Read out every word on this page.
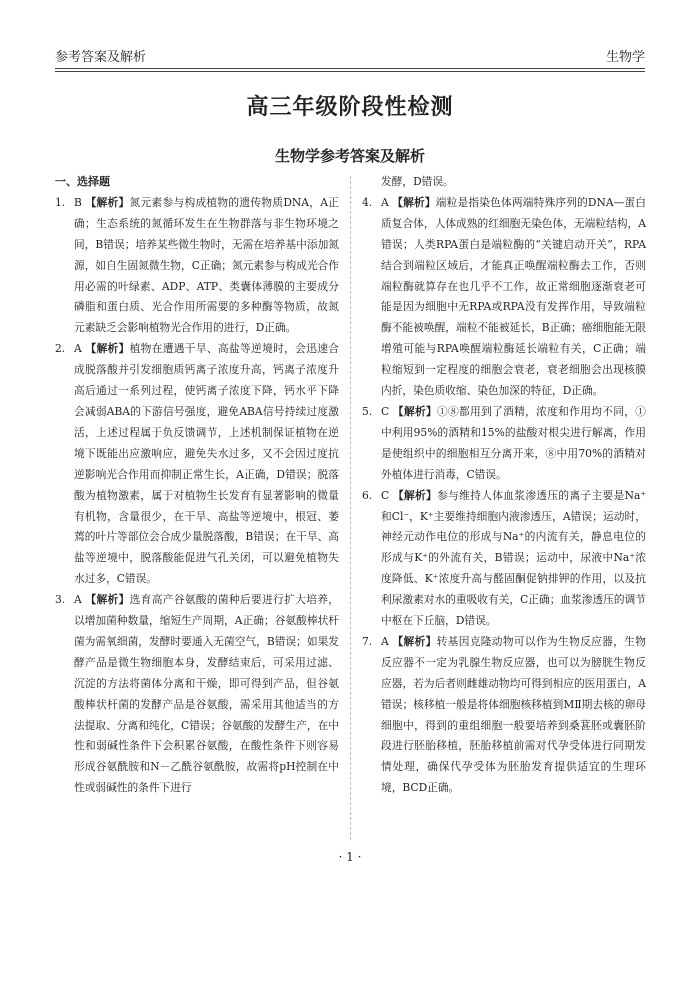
参考答案及解析	生物学
高三年级阶段性检测
生物学参考答案及解析
一、选择题

1. B 【解析】氮元素参与构成植物的遗传物质DNA，A正确；生态系统的氮循环发生在生物群落与非生物环境之间，B错误；培养某些微生物时，无需在培养基中添加氮源，如自生固氮微生物，C正确；氮元素参与构成光合作用必需的叶绿素、ADP、ATP、类囊体薄膜的主要成分磷脂和蛋白质、光合作用所需要的多种酶等物质，故氮元素缺乏会影响植物光合作用的进行，D正确。

2. A 【解析】植物在遭遇干旱、高盐等逆境时，会迅速合成脱落酸并引发细胞质钙离子浓度升高，钙离子浓度升高后通过一系列过程，使钙离子浓度下降，钙水平下降会减弱ABA的下游信号强度，避免ABA信号持续过度激活，上述过程属于负反馈调节，上述机制保证植物在逆境下既能出应激响应，避免失水过多，又不会因过度抗逆影响光合作用而抑制正常生长，A正确，D错误；脱落酸为植物激素，属于对植物生长发育有显著影响的微量有机物，含量很少，在干旱、高盐等逆境中，根冠、萎蔫的叶片等部位会合成少量脱落酸，B错误；在干旱、高盐等逆境中，脱落酸能促进气孔关闭，可以避免植物失水过多，C错误。

3. A 【解析】选育高产谷氨酸的菌种后要进行扩大培养，以增加菌种数量，缩短生产周期，A正确；谷氨酸棒状杆菌为需氧细菌，发酵时要通入无菌空气，B错误；如果发酵产品是微生物细胞本身，发酵结束后，可采用过滤、沉淀的方法将菌体分离和干燥，即可得到产品，但谷氨酸棒状杆菌的发酵产品是谷氨酸，需采用其他适当的方法提取、分离和纯化，C错误；谷氨酸的发酵生产，在中性和弱碱性条件下会积累谷氨酸，在酸性条件下则容易形成谷氨酰胺和N－乙酰谷氨酰胺，故需将pH控制在中性或弱碱性的条件下进行

发酵，D错误。

4. A 【解析】端粒是指染色体两端特殊序列的DNA—蛋白质复合体，人体成熟的红细胞无染色体，无端粒结构，A错误；人类RPA蛋白是端粒酶的“关键启动开关”，RPA结合到端粒区域后，才能真正唤醒端粒酶去工作，否则端粒酶就算存在也几乎不工作，故正常细胞逐渐衰老可能是因为细胞中无RPA或RPA没有发挥作用，导致端粒酶不能被唤醒，端粒不能被延长，B正确；癌细胞能无限增殖可能与RPA唤醒端粒酶延长端粒有关，C正确；端粒缩短到一定程度的细胞会衰老，衰老细胞会出现核膜内折，染色质收缩、染色加深的特征，D正确。

5. C 【解析】①⑧都用到了酒精，浓度和作用均不同，①中利用95%的酒精和15%的盐酸对根尖进行解离，作用是使组织中的细胞相互分离开来，⑧中用70%的酒精对外植体进行消毒，C错误。

6. C 【解析】参与维持人体血浆渗透压的离子主要是Na⁺和Cl⁻，K⁺主要维持细胞内液渗透压，A错误；运动时，神经元动作电位的形成与Na⁺的内流有关，静息电位的形成与K⁺的外流有关，B错误；运动中，尿液中Na⁺浓度降低、K⁺浓度升高与醛固酮促钠排钾的作用，以及抗利尿激素对水的重吸收有关，C正确；血浆渗透压的调节中枢在下丘脑，D错误。

7. A 【解析】转基因克隆动物可以作为生物反应器，生物反应器不一定为乳腺生物反应器，也可以为膀胱生物反应器，若为后者则雌雄动物均可得到相应的医用蛋白，A错误；核移植一般是将体细胞核移植到MⅡ期去核的卵母细胞中，得到的重组细胞一般要培养到桑葚胚或囊胚阶段进行胚胎移植，胚胎移植前需对代孕受体进行同期发情处理，确保代孕受体为胚胎发育提供适宜的生理环境，BCD正确。

· 1 ·
